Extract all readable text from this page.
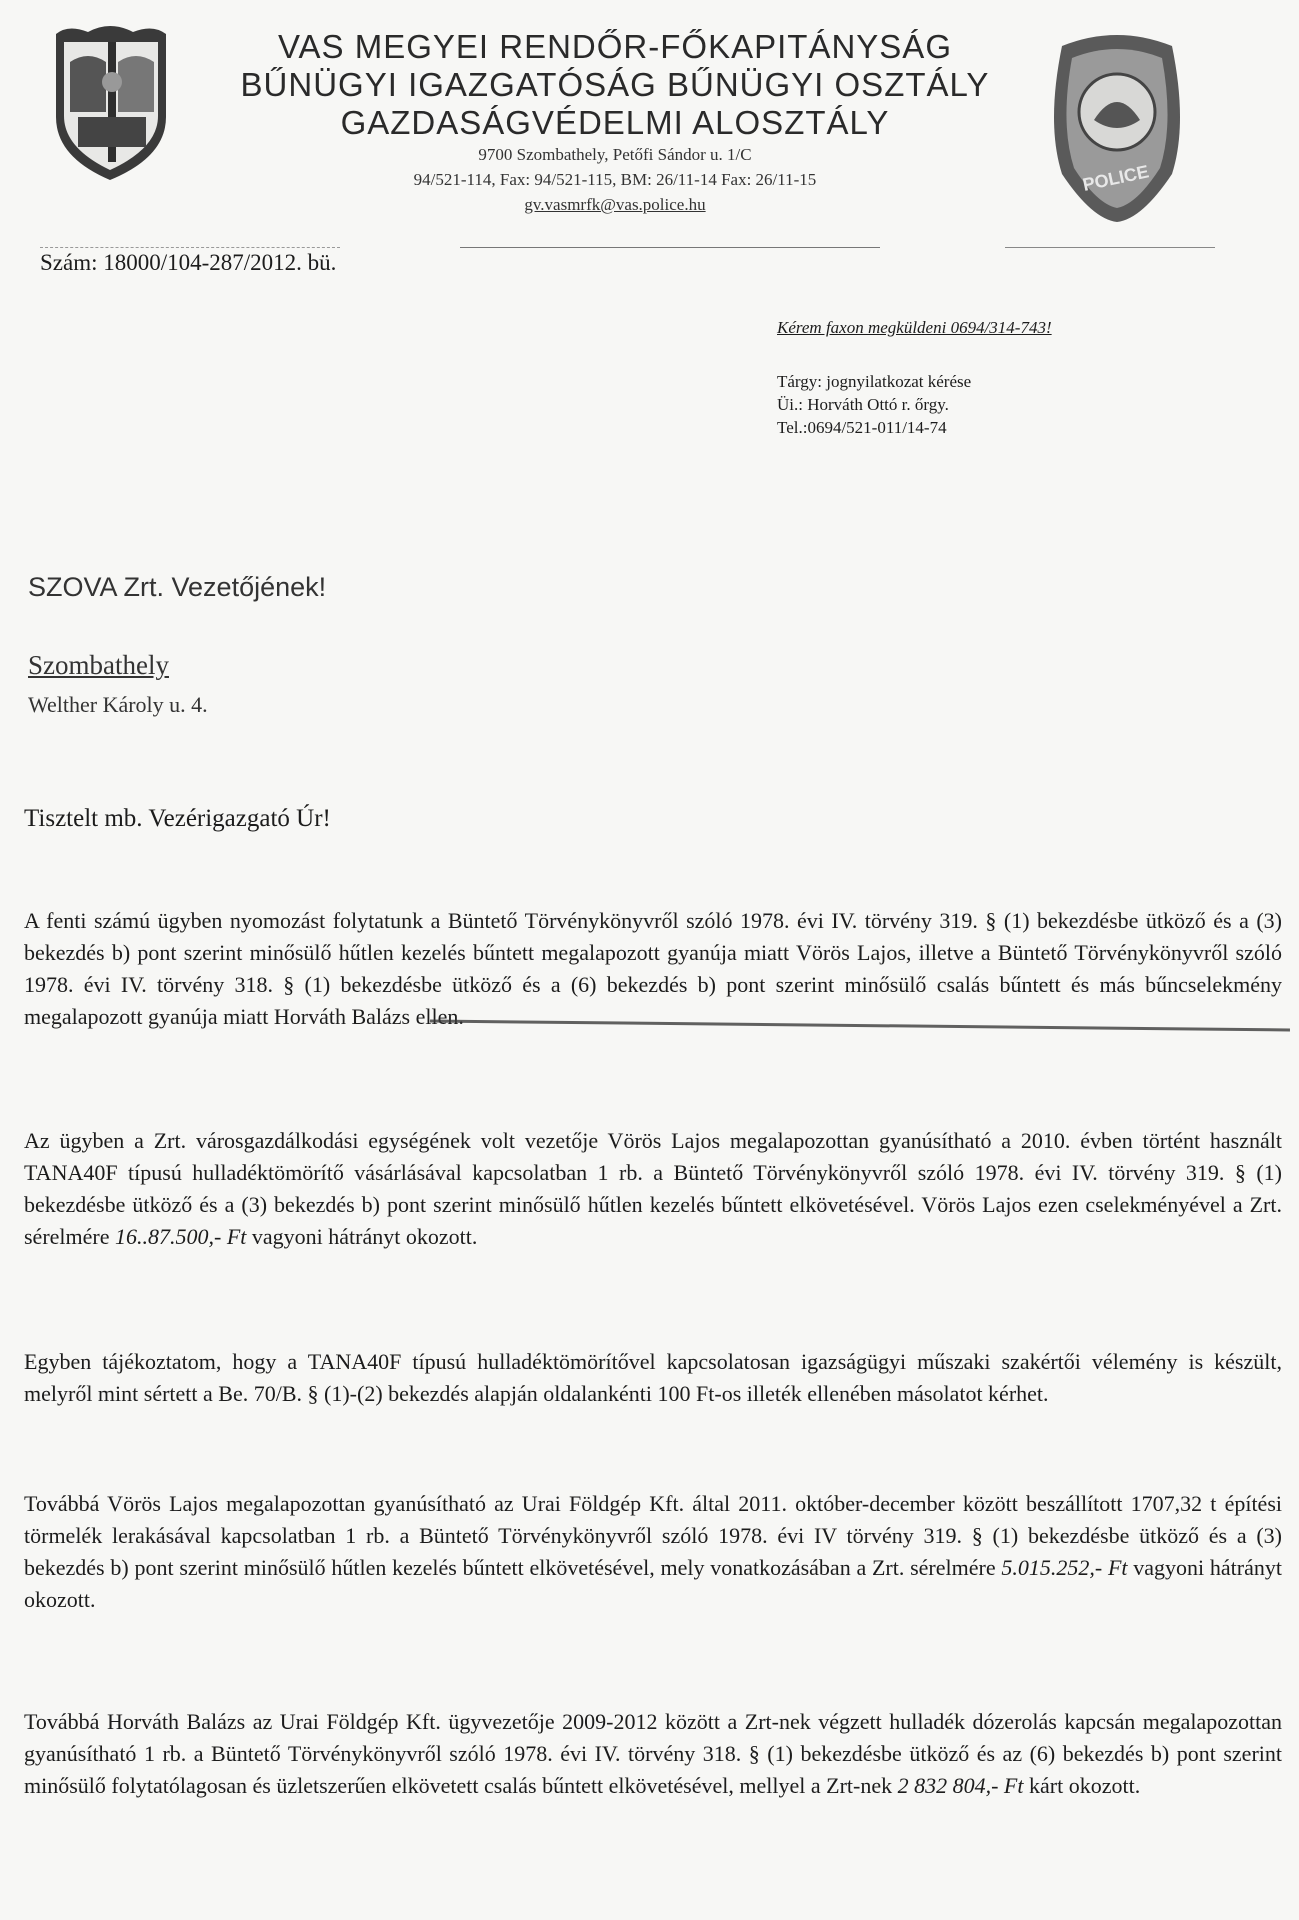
POLICE
VAS MEGYEI RENDŐR-FŐKAPITÁNYSÁG
BŰNÜGYI IGAZGATÓSÁG BŰNÜGYI OSZTÁLY
GAZDASÁGVÉDELMI ALOSZTÁLY
9700 Szombathely, Petőfi Sándor u. 1/C
94/521-114, Fax: 94/521-115, BM: 26/11-14 Fax: 26/11-15
gv.vasmrfk@vas.police.hu
Szám: 18000/104-287/2012. bü.
Kérem faxon megküldeni 0694/314-743!
Tárgy: jognyilatkozat kérése
Üi.: Horváth Ottó r. őrgy.
Tel.:0694/521-011/14-74
SZOVA Zrt. Vezetőjének!
Szombathely
Welther Károly u. 4.
Tisztelt mb. Vezérigazgató Úr!
A fenti számú ügyben nyomozást folytatunk a Büntető Törvénykönyvről szóló 1978. évi IV. törvény 319. § (1) bekezdésbe ütköző és a (3) bekezdés b) pont szerint minősülő hűtlen kezelés bűntett megalapozott gyanúja miatt Vörös Lajos, illetve a Büntető Törvénykönyvről szóló 1978. évi IV. törvény 318. § (1) bekezdésbe ütköző és a (6) bekezdés b) pont szerint minősülő csalás bűntett és más bűncselekmény megalapozott gyanúja miatt Horváth Balázs ellen.
Az ügyben a Zrt. városgazdálkodási egységének volt vezetője Vörös Lajos megalapozottan gyanúsítható a 2010. évben történt használt TANA40F típusú hulladéktömörítő vásárlásával kapcsolatban 1 rb. a Büntető Törvénykönyvről szóló 1978. évi IV. törvény 319. § (1) bekezdésbe ütköző és a (3) bekezdés b) pont szerint minősülő hűtlen kezelés bűntett elkövetésével. Vörös Lajos ezen cselekményével a Zrt. sérelmére 16..87.500,- Ft vagyoni hátrányt okozott.
Egyben tájékoztatom, hogy a TANA40F típusú hulladéktömörítővel kapcsolatosan igazságügyi műszaki szakértői vélemény is készült, melyről mint sértett a Be. 70/B. § (1)-(2) bekezdés alapján oldalankénti 100 Ft-os illeték ellenében másolatot kérhet.
Továbbá Vörös Lajos megalapozottan gyanúsítható az Urai Földgép Kft. által 2011. október-december között beszállított 1707,32 t építési törmelék lerakásával kapcsolatban 1 rb. a Büntető Törvénykönyvről szóló 1978. évi IV törvény 319. § (1) bekezdésbe ütköző és a (3) bekezdés b) pont szerint minősülő hűtlen kezelés bűntett elkövetésével, mely vonatkozásában a Zrt. sérelmére 5.015.252,- Ft vagyoni hátrányt okozott.
Továbbá Horváth Balázs az Urai Földgép Kft. ügyvezetője 2009-2012 között a Zrt-nek végzett hulladék dózerolás kapcsán megalapozottan gyanúsítható 1 rb. a Büntető Törvénykönyvről szóló 1978. évi IV. törvény 318. § (1) bekezdésbe ütköző és az (6) bekezdés b) pont szerint minősülő folytatólagosan és üzletszerűen elkövetett csalás bűntett elkövetésével, mellyel a Zrt-nek 2 832 804,- Ft kárt okozott.
